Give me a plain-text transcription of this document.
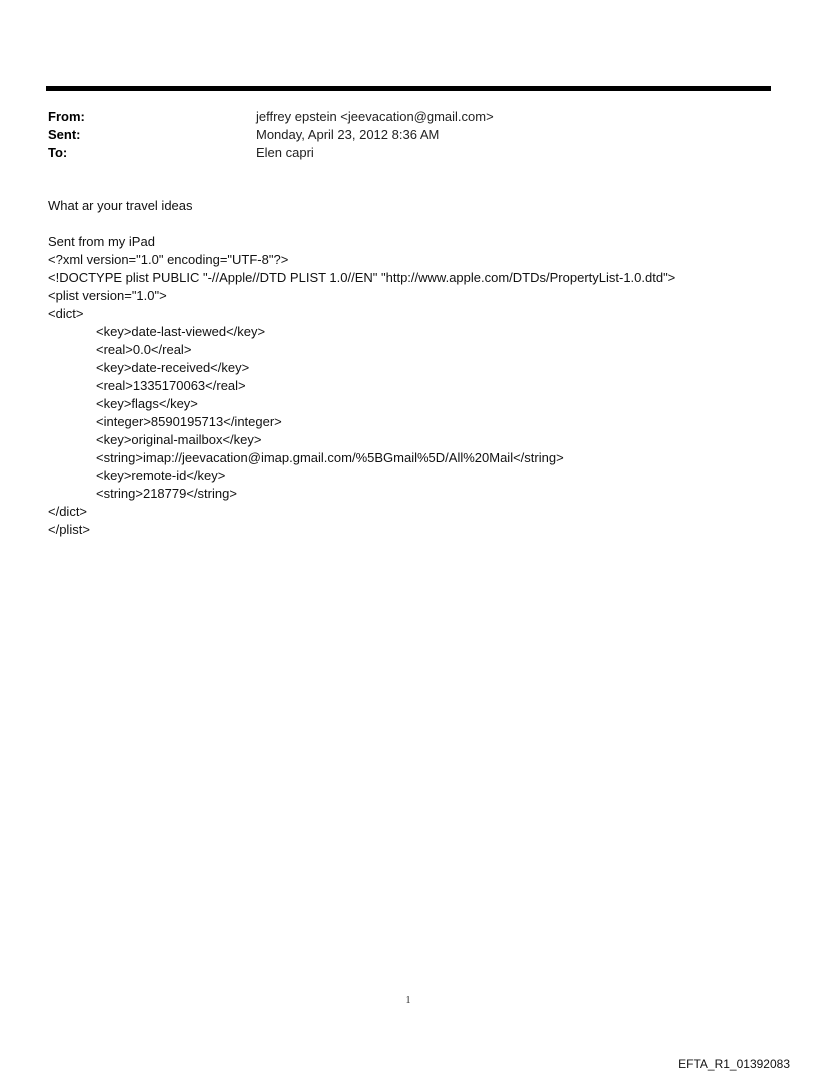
From:	jeffrey epstein <jeevacation@gmail.com>
Sent:	Monday, April 23, 2012 8:36 AM
To:	Elen capri
What ar your travel ideas
Sent from my iPad
<?xml version="1.0" encoding="UTF-8"?>
<!DOCTYPE plist PUBLIC "-//Apple//DTD PLIST 1.0//EN" "http://www.apple.com/DTDs/PropertyList-1.0.dtd">
<plist version="1.0">
<dict>
<key>date-last-viewed</key>
<real>0.0</real>
<key>date-received</key>
<real>1335170063</real>
<key>flags</key>
<integer>8590195713</integer>
<key>original-mailbox</key>
<string>imap://jeevacation@imap.gmail.com/%5BGmail%5D/All%20Mail</string>
<key>remote-id</key>
<string>218779</string>
</dict>
</plist>
1
EFTA_R1_01392083
